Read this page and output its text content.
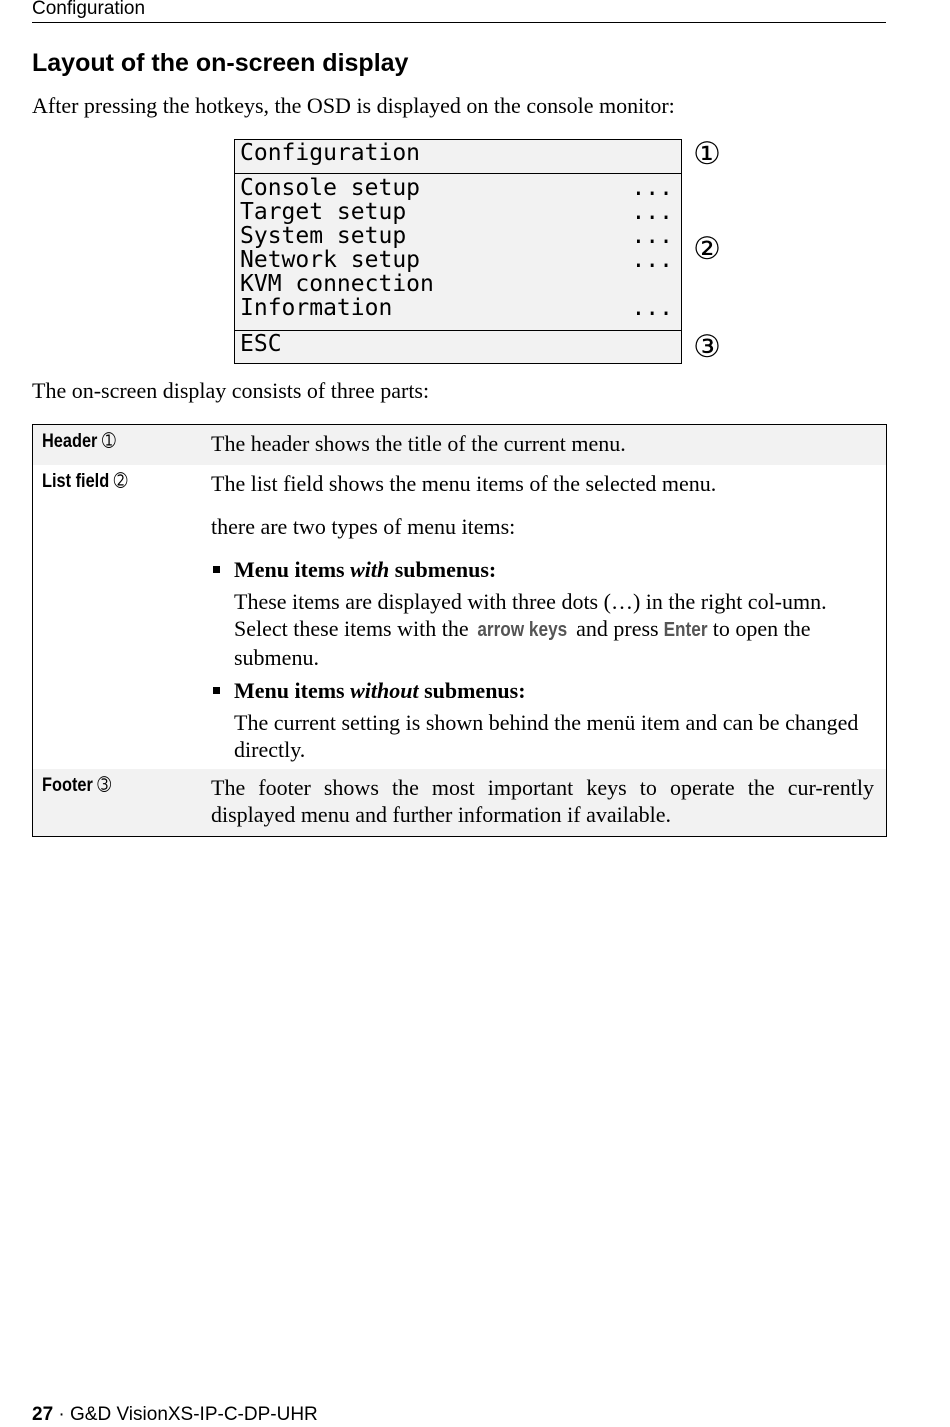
Configuration
Layout of the on-screen display

After pressing the hotkeys, the OSD is displayed on the console monitor:

Configuration
Console setup	...
Target setup	...
System setup	...
Network setup	...
KVM connection
Information	...
ESC
①
②
③

The on-screen display consists of three parts:

Header ➀	The header shows the title of the current menu.
List field ➁	The list field shows the menu items of the selected menu.

there are two types of menu items:

Menu items with submenus:
These items are displayed with three dots (…) in the right col-umn. Select these items with the arrow keys and press Enter to open the submenu.
Menu items without submenus:
The current setting is shown behind the menü item and can be changed directly.
Footer ➂	The footer shows the most important keys to operate the cur-rently displayed menu and further information if available.
27 · G&D VisionXS-IP-C-DP-UHR
